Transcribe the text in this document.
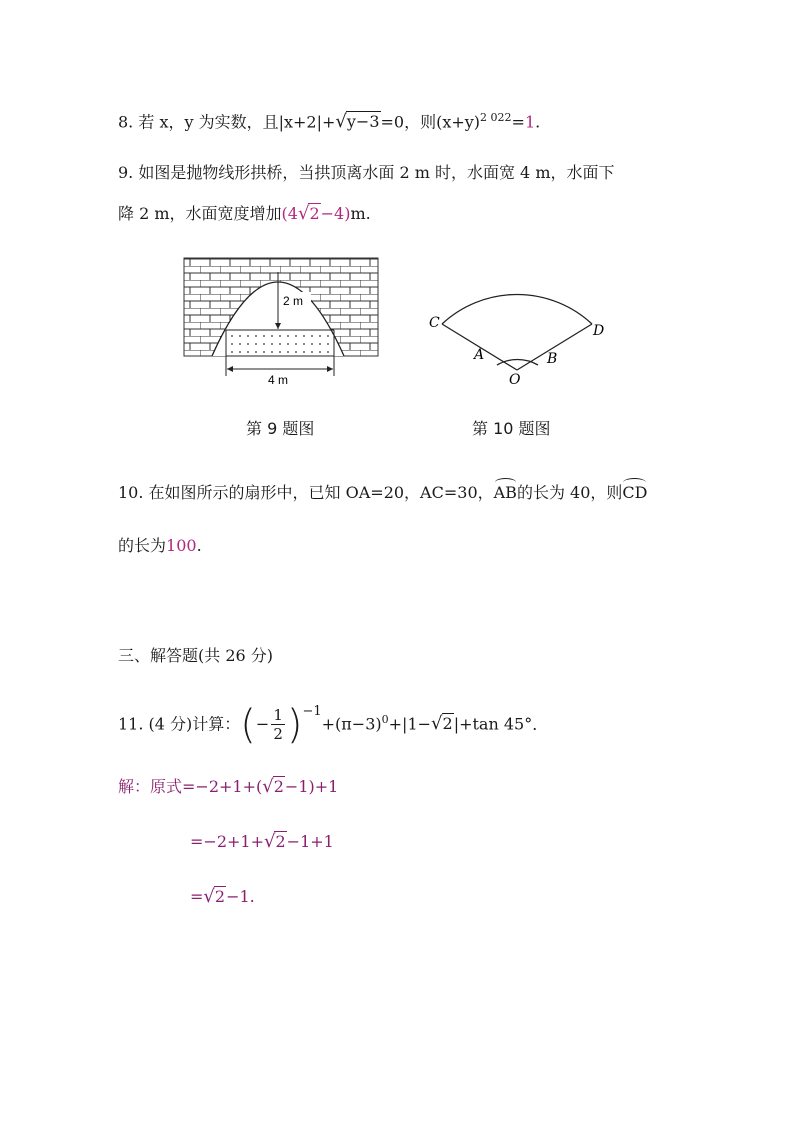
8. 若 x，y 为实数，且|x+2|+√y−3=0，则$(x+y)^{2 022}=1$.
9. 如图是抛物线形拱桥，当拱顶离水面 2 m 时，水面宽 4 m，水面下
降 2 m，水面宽度增加(4√2−4)m.
2 m
4 m
C	D
A	B
O
第 9 题图	第 10 题图
10. 在如图所示的扇形中，已知 OA=20，AC=30，AB的长为 40，则CD
的长为100.
三、解答题(共 26 分)
11. (4 分)计算：(− $\frac{1}{2} )^{-1}+(\pi-3)^0+|1-√2|+\tan$ 45°．
解：原式=−2+1+(√2−1)+1
=−2+1+√2−1+1
=√2−1.
